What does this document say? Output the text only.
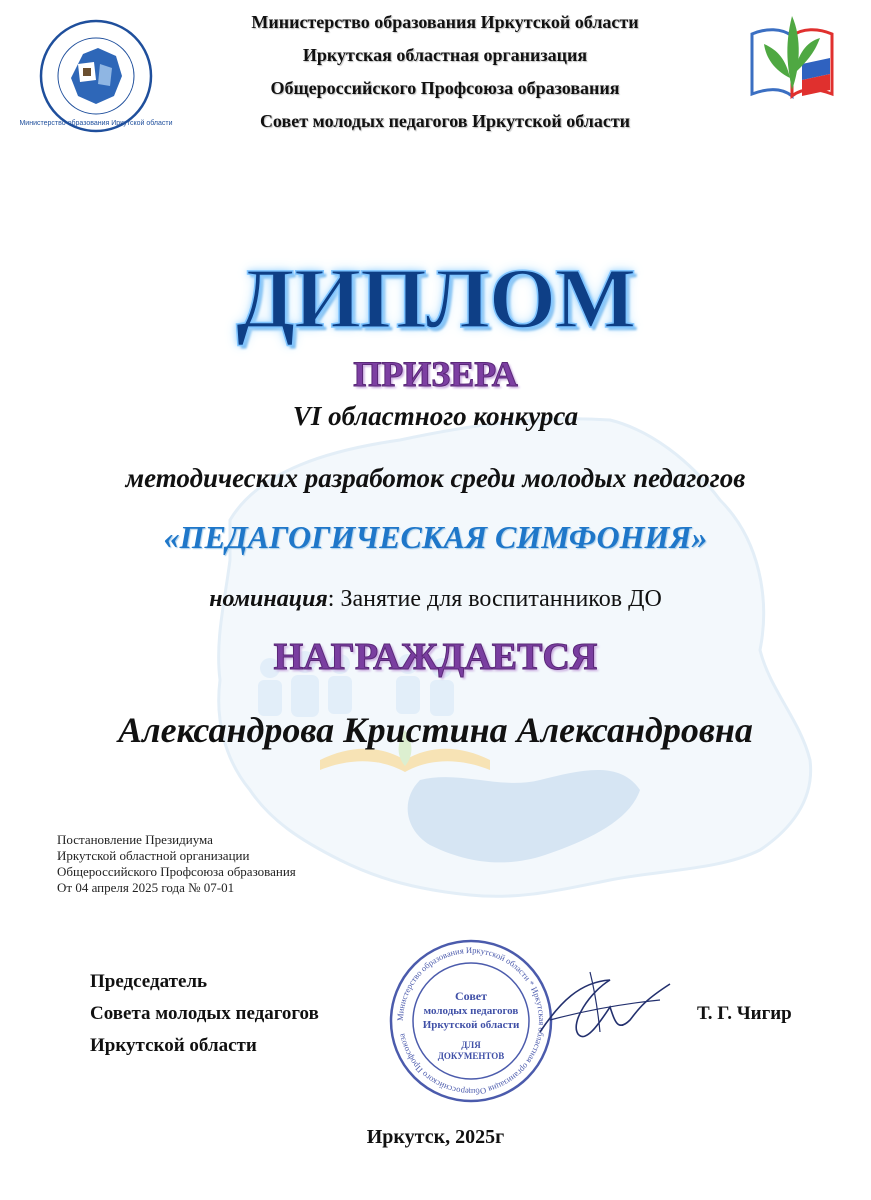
Министерство образования Иркутской области
Министерство образования Иркутской области
Иркутская областная организация
Общероссийского Профсоюза образования
Совет молодых педагогов Иркутской области
ДИПЛОМ
ПРИЗЕРА
VI областного конкурса
методических разработок среди молодых педагогов
«ПЕДАГОГИЧЕСКАЯ СИМФОНИЯ»
номинация: Занятие для воспитанников ДО
НАГРАЖДАЕТСЯ
Александрова Кристина Александровна
Постановление Президиума
Иркутской областной организации
Общероссийского Профсоюза образования
От 04 апреля 2025 года № 07-01
Председатель
Совета молодых педагогов
Иркутской области
Министерство образования Иркутской области * Иркутская областная организация Общероссийского Профсоюза
Совет
молодых педагогов
Иркутской области
ДЛЯ
ДОКУМЕНТОВ
Т. Г. Чигир
Иркутск, 2025г
